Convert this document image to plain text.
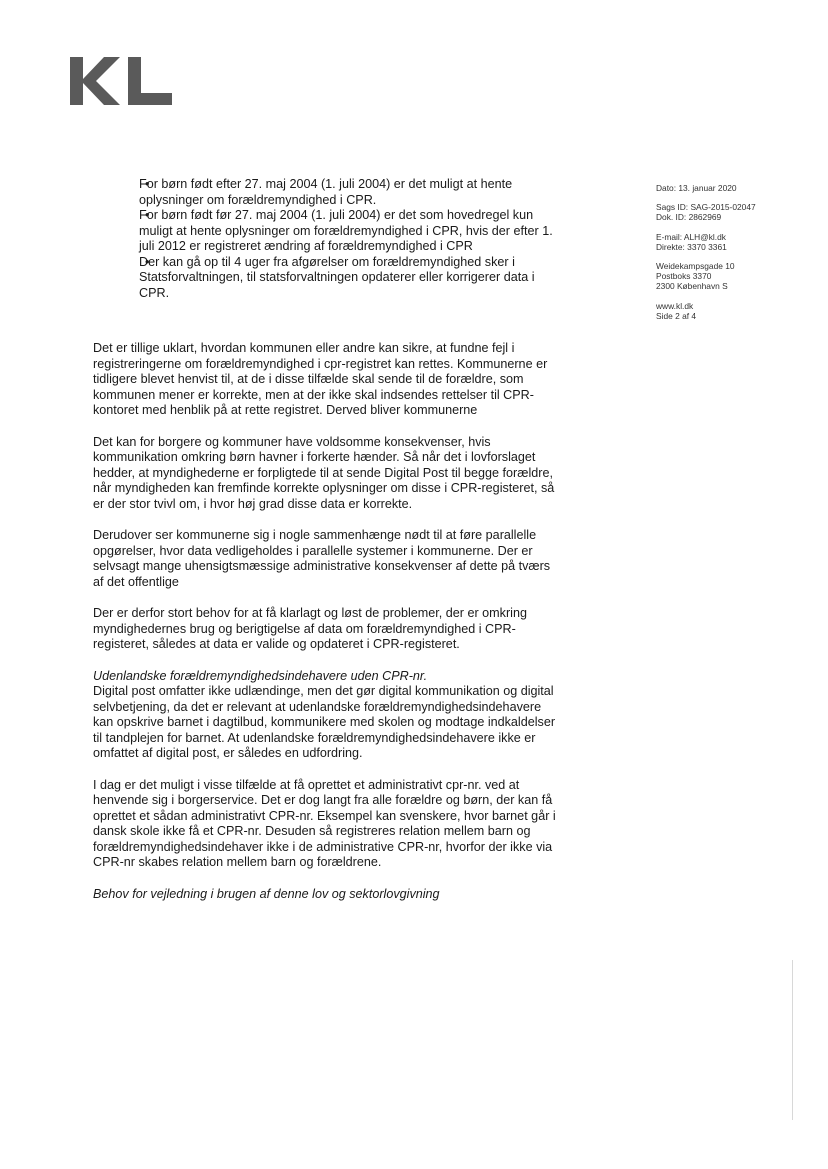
• For børn født efter 27. maj 2004 (1. juli 2004) er det muligt at hente oplysninger om forældremyndighed i CPR.
• For børn født før 27. maj 2004 (1. juli 2004) er det som hovedregel kun muligt at hente oplysninger om forældremyndighed i CPR, hvis der efter 1. juli 2012 er registreret ændring af forældremyndighed i CPR
• Der kan gå op til 4 uger fra afgørelser om forældremyndighed sker i Statsforvaltningen, til statsforvaltningen opdaterer eller korrigerer data i CPR.

Det er tillige uklart, hvordan kommunen eller andre kan sikre, at fundne fejl i registreringerne om forældremyndighed i cpr-registret kan rettes. Kommunerne er tidligere blevet henvist til, at de i disse tilfælde skal sende til de forældre, som kommunen mener er korrekte, men at der ikke skal indsendes rettelser til CPR-kontoret med henblik på at rette registret. Derved bliver kommunerne

Det kan for borgere og kommuner have voldsomme konsekvenser, hvis kommunikation omkring børn havner i forkerte hænder. Så når det i lovforslaget hedder, at myndighederne er forpligtede til at sende Digital Post til begge forældre, når myndigheden kan fremfinde korrekte oplysninger om disse i CPR-registeret, så er der stor tvivl om, i hvor høj grad disse data er korrekte.

Derudover ser kommunerne sig i nogle sammenhænge nødt til at føre parallelle opgørelser, hvor data vedligeholdes i parallelle systemer i kommunerne. Der er selvsagt mange uhensigtsmæssige administrative konsekvenser af dette på tværs af det offentlige

Der er derfor stort behov for at få klarlagt og løst de problemer, der er omkring myndighedernes brug og berigtigelse af data om forældremyndighed i CPR-registeret, således at data er valide og opdateret i CPR-registeret.

Udenlandske forældremyndighedsindehavere uden CPR-nr.

Digital post omfatter ikke udlændinge, men det gør digital kommunikation og digital selvbetjening, da det er relevant at udenlandske forældremyndighedsindehavere kan opskrive barnet i dagtilbud, kommunikere med skolen og modtage indkaldelser til tandplejen for barnet. At udenlandske forældremyndighedsindehavere ikke er omfattet af digital post, er således en udfordring.

I dag er det muligt i visse tilfælde at få oprettet et administrativt cpr-nr. ved at henvende sig i borgerservice. Det er dog langt fra alle forældre og børn, der kan få oprettet et sådan administrativt CPR-nr. Eksempel kan svenskere, hvor barnet går i dansk skole ikke få et CPR-nr. Desuden så registreres relation mellem barn og forældremyndighedsindehaver ikke i de administrative CPR-nr, hvorfor der ikke via CPR-nr skabes relation mellem barn og forældrene.

Behov for vejledning i brugen af denne lov og sektorlovgivning

Dato: 13. januar 2020
Sags ID: SAG-2015-02047
Dok. ID: 2862969
E-mail: ALH@kl.dk
Direkte: 3370 3361
Weidekampsgade 10
Postboks 3370
2300 København S
www.kl.dk
Side 2 af 4
